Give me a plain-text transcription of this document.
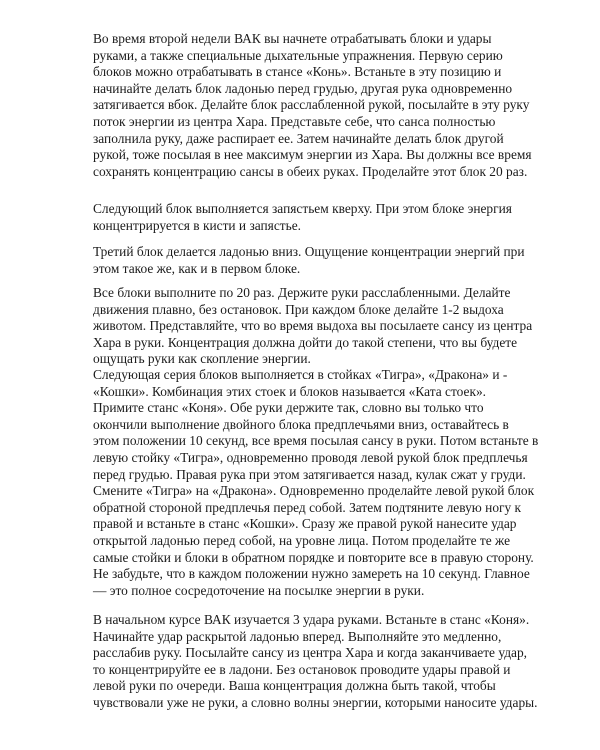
Во время второй недели ВАК вы начнете отрабатывать блоки и удары
руками, а также специальные дыхательные упражнения. Первую серию
блоков можно отрабатывать в стансе «Конь». Встаньте в эту позицию и
начинайте делать блок ладонью перед грудью, другая рука одновременно
затягивается вбок. Делайте блок расслабленной рукой, посылайте в эту руку
поток энергии из центра Хара. Представьте себе, что санса полностью
заполнила руку, даже распирает ее. Затем начинайте делать блок другой
рукой, тоже посылая в нее максимум энергии из Хара. Вы должны все время
сохранять концентрацию сансы в обеих руках. Проделайте этот блок 20 раз.

Следующий блок выполняется запястьем кверху. При этом блоке энергия
концентрируется в кисти и запястье.

Третий блок делается ладонью вниз. Ощущение концентрации энергий при
этом такое же, как и в первом блоке.

Все блоки выполните по 20 раз. Держите руки расслабленными. Делайте
движения плавно, без остановок. При каждом блоке делайте 1-2 выдоха
животом. Представляйте, что во время выдоха вы посылаете сансу из центра
Хара в руки. Концентрация должна дойти до такой степени, что вы будете
ощущать руки как скопление энергии.

Следующая серия блоков выполняется в стойках «Тигра», «Дракона» и -
«Кошки». Комбинация этих стоек и блоков называется «Ката стоек».
Примите станс «Коня». Обе руки держите так, словно вы только что
окончили выполнение двойного блока предплечьями вниз, оставайтесь в
этом положении 10 секунд, все время посылая сансу в руки. Потом встаньте в
левую стойку «Тигра», одновременно проводя левой рукой блок предплечья
перед грудью. Правая рука при этом затягивается назад, кулак сжат у груди.
Смените «Тигра» на «Дракона». Одновременно проделайте левой рукой блок
обратной стороной предплечья перед собой. Затем подтяните левую ногу к
правой и встаньте в станс «Кошки». Сразу же правой рукой нанесите удар
открытой ладонью перед собой, на уровне лица. Потом проделайте те же
самые стойки и блоки в обратном порядке и повторите все в правую сторону.
Не забудьте, что в каждом положении нужно замереть на 10 секунд. Главное
— это полное сосредоточение на посылке энергии в руки.

В начальном курсе ВАК изучается 3 удара руками. Встаньте в станс «Коня».
Начинайте удар раскрытой ладонью вперед. Выполняйте это медленно,
расслабив руку. Посылайте сансу из центра Хара и когда заканчиваете удар,
то концентрируйте ее в ладони. Без остановок проводите удары правой и
левой руки по очереди. Ваша концентрация должна быть такой, чтобы
чувствовали уже не руки, а словно волны энергии, которыми наносите удары.
